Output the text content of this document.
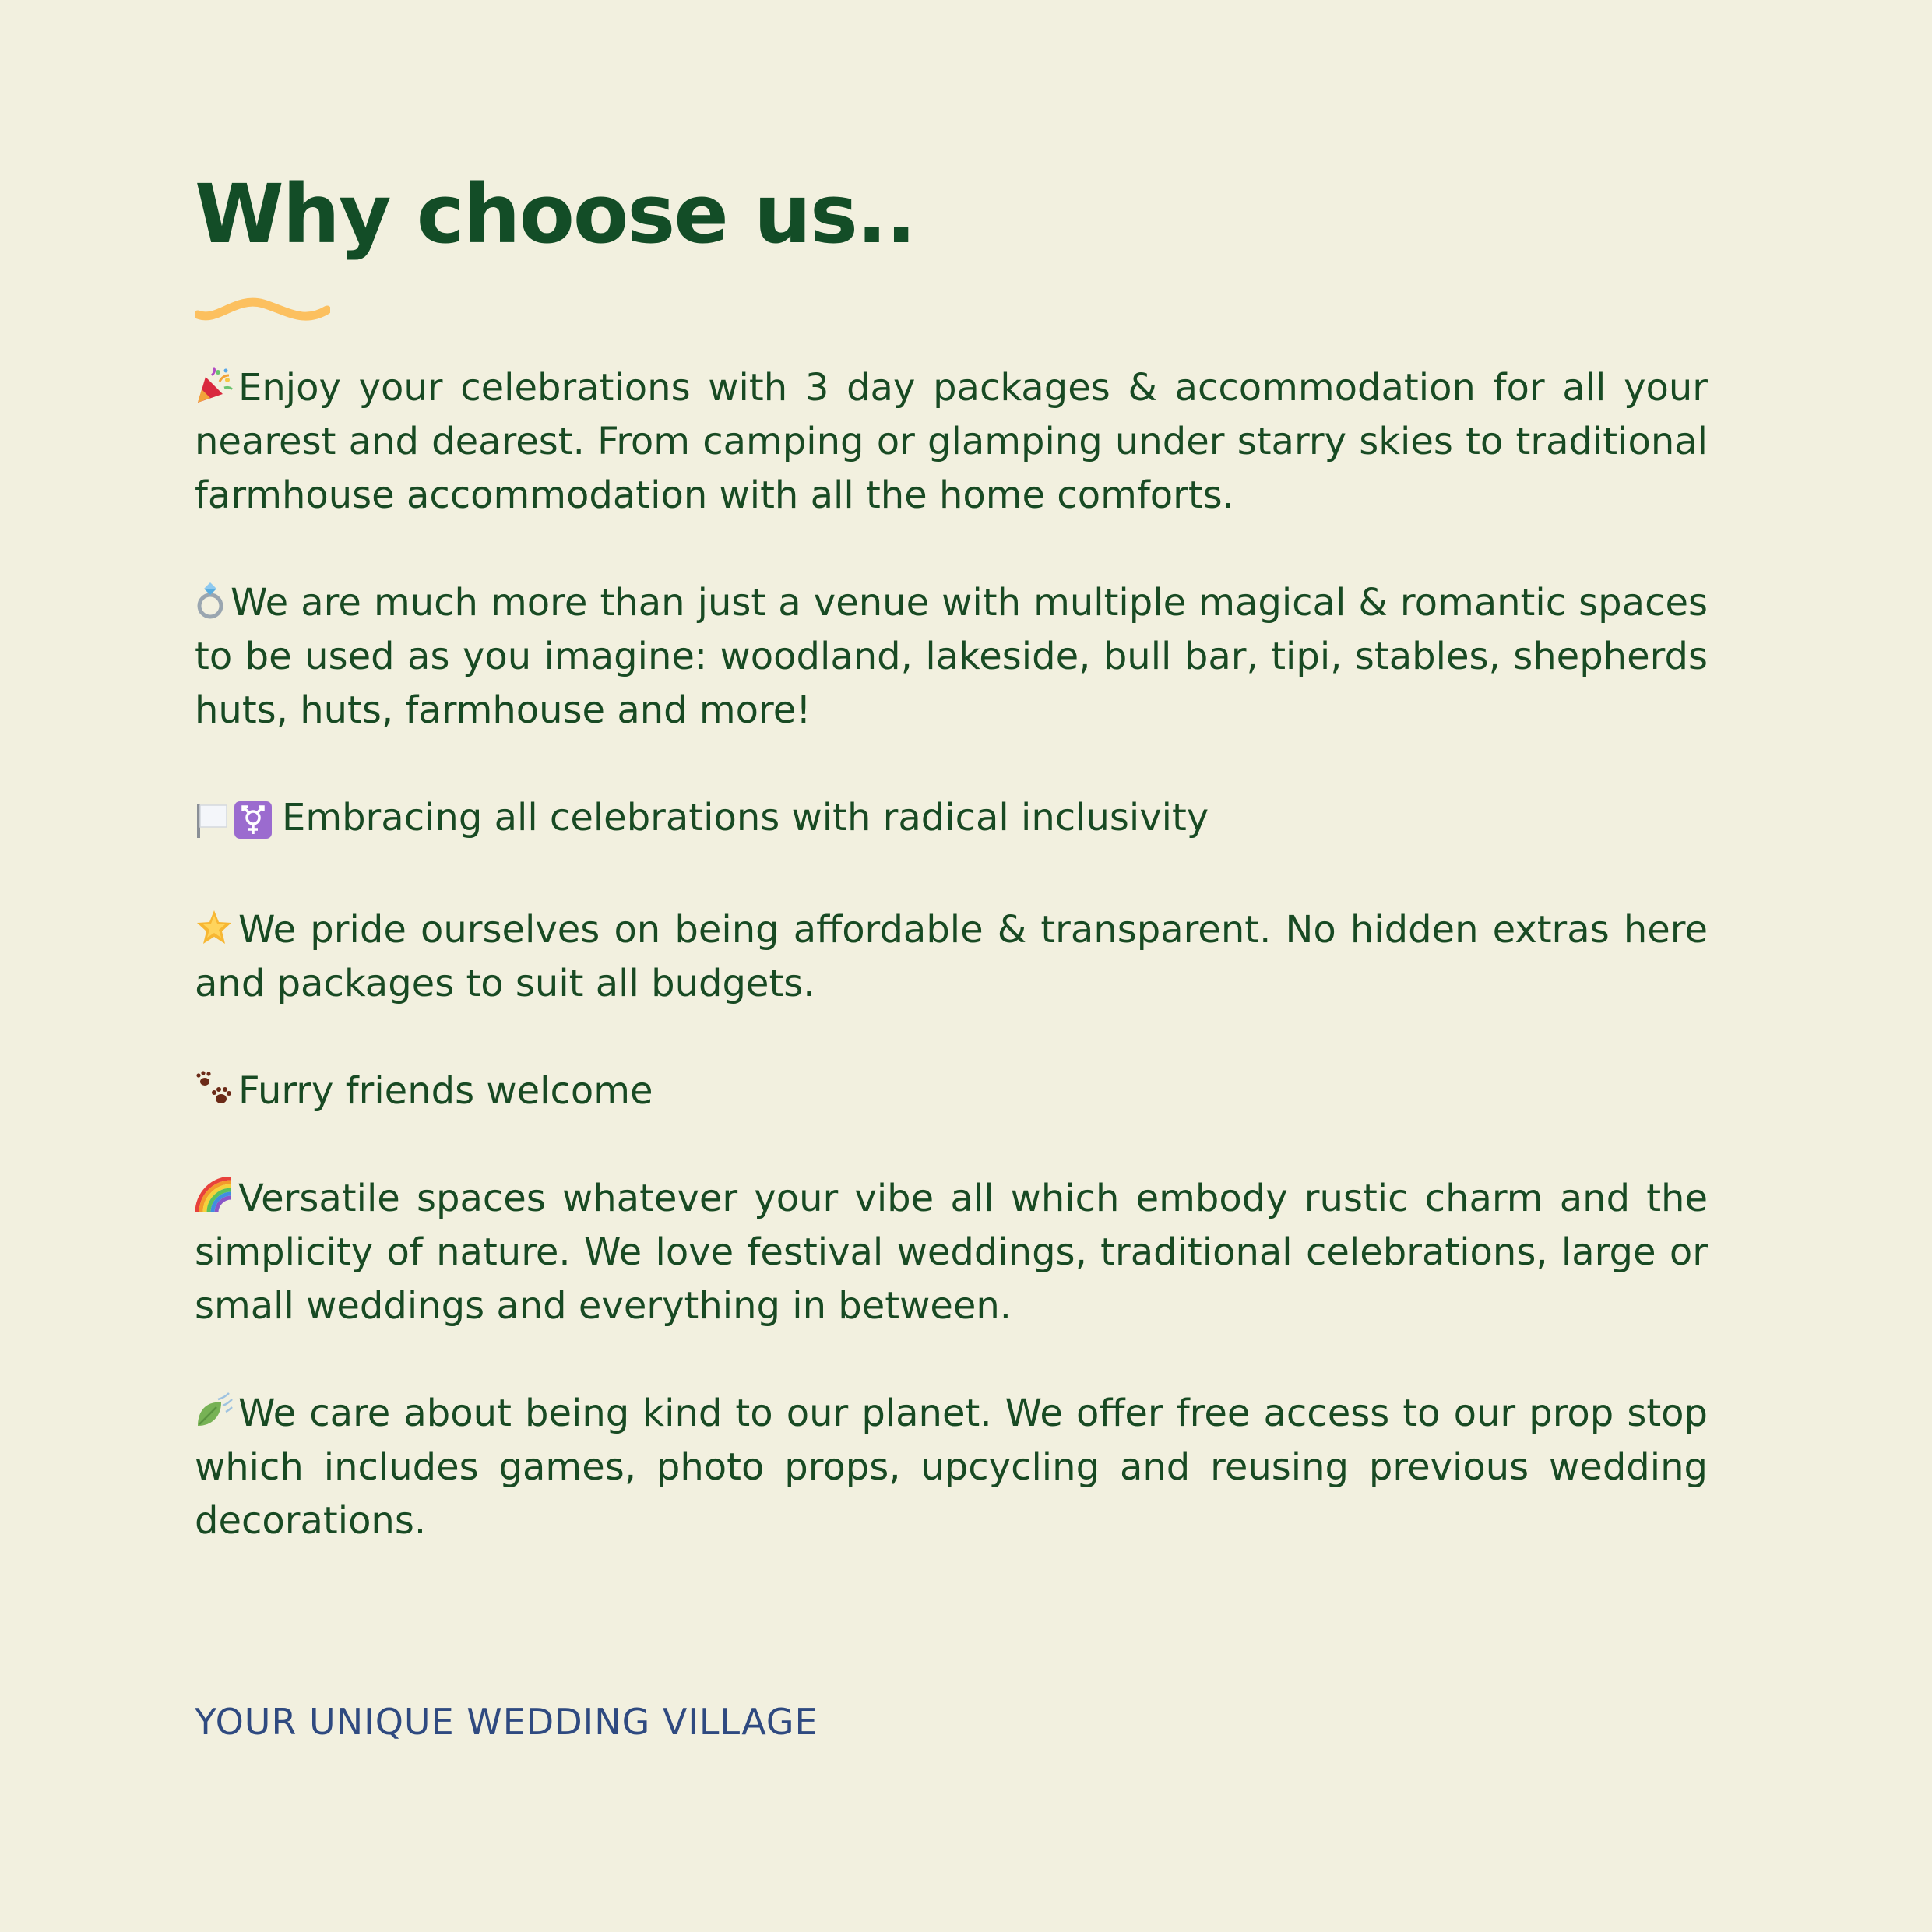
Why choose us..

Enjoy your celebrations with 3 day packages & accommodation for all your nearest and dearest. From camping or glamping under starry skies to traditional farmhouse accommodation with all the home comforts.

We are much more than just a venue with multiple magical & romantic spaces to be used as you imagine: woodland, lakeside, bull bar, tipi, stables, shepherds huts, huts, farmhouse and more!

Embracing all celebrations with radical inclusivity

We pride ourselves on being affordable & transparent. No hidden extras here and packages to suit all budgets.

Furry friends welcome

Versatile spaces whatever your vibe all which embody rustic charm and the simplicity of nature. We love festival weddings, traditional celebrations, large or small weddings and everything in between.

We care about being kind to our planet. We offer free access to our prop stop which includes games, photo props, upcycling and reusing previous wedding decorations.

YOUR UNIQUE WEDDING VILLAGE
